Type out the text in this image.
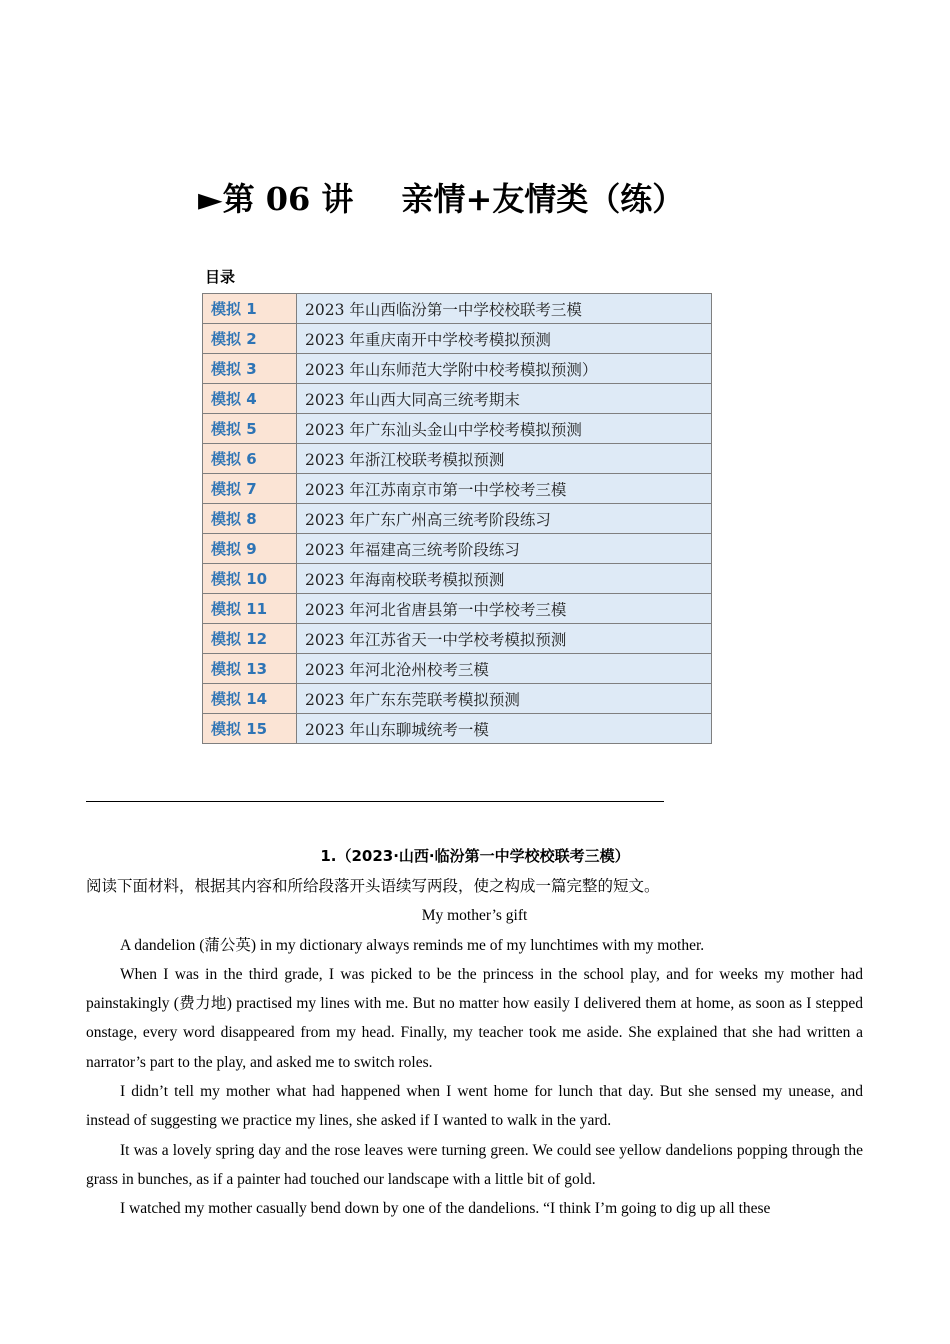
►第 06 讲 亲情+友情类（练）
目录
模拟 1	2023 年山西临汾第一中学校校联考三模
模拟 2	2023 年重庆南开中学校考模拟预测
模拟 3	2023 年山东师范大学附中校考模拟预测）
模拟 4	2023 年山西大同高三统考期末
模拟 5	2023 年广东汕头金山中学校考模拟预测
模拟 6	2023 年浙江校联考模拟预测
模拟 7	2023 年江苏南京市第一中学校考三模
模拟 8	2023 年广东广州高三统考阶段练习
模拟 9	2023 年福建高三统考阶段练习
模拟 10	2023 年海南校联考模拟预测
模拟 11	2023 年河北省唐县第一中学校考三模
模拟 12	2023 年江苏省天一中学校考模拟预测
模拟 13	2023 年河北沧州校考三模
模拟 14	2023 年广东东莞联考模拟预测
模拟 15	2023 年山东聊城统考一模
1.（2023·山西·临汾第一中学校校联考三模）

阅读下面材料，根据其内容和所给段落开头语续写两段，使之构成一篇完整的短文。

My mother’s gift

A dandelion (蒲公英) in my dictionary always reminds me of my lunchtimes with my mother.

When I was in the third grade, I was picked to be the princess in the school play, and for weeks my mother had painstakingly (费力地) practised my lines with me. But no matter how easily I delivered them at home, as soon as I stepped onstage, every word disappeared from my head. Finally, my teacher took me aside. She explained that she had written a narrator’s part to the play, and asked me to switch roles.

I didn’t tell my mother what had happened when I went home for lunch that day. But she sensed my unease, and instead of suggesting we practice my lines, she asked if I wanted to walk in the yard.

It was a lovely spring day and the rose leaves were turning green. We could see yellow dandelions popping through the grass in bunches, as if a painter had touched our landscape with a little bit of gold.

I watched my mother casually bend down by one of the dandelions. “I think I’m going to dig up all these
